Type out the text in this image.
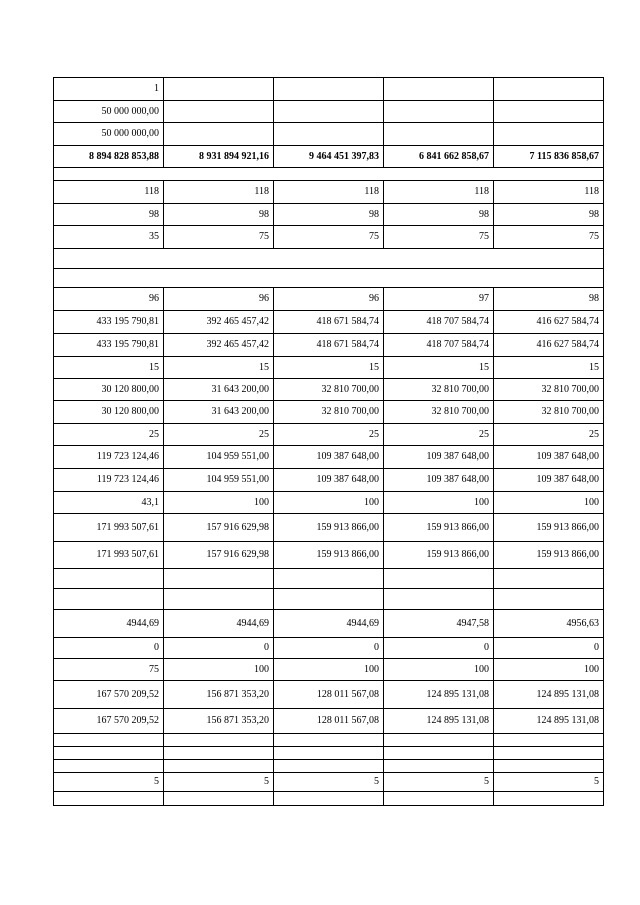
1				
50 000 000,00				
50 000 000,00				
8 894 828 853,88	8 931 894 921,16	9 464 451 397,83	6 841 662 858,67	7 115 836 858,67

118	118	118	118	118
98	98	98	98	98
35	75	75	75	75

96	96	96	97	98
433 195 790,81	392 465 457,42	418 671 584,74	418 707 584,74	416 627 584,74
433 195 790,81	392 465 457,42	418 671 584,74	418 707 584,74	416 627 584,74
15	15	15	15	15
30 120 800,00	31 643 200,00	32 810 700,00	32 810 700,00	32 810 700,00
30 120 800,00	31 643 200,00	32 810 700,00	32 810 700,00	32 810 700,00
25	25	25	25	25
119 723 124,46	104 959 551,00	109 387 648,00	109 387 648,00	109 387 648,00
119 723 124,46	104 959 551,00	109 387 648,00	109 387 648,00	109 387 648,00
43,1	100	100	100	100
171 993 507,61	157 916 629,98	159 913 866,00	159 913 866,00	159 913 866,00
171 993 507,61	157 916 629,98	159 913 866,00	159 913 866,00	159 913 866,00

4944,69	4944,69	4944,69	4947,58	4956,63
0	0	0	0	0
75	100	100	100	100
167 570 209,52	156 871 353,20	128 011 567,08	124 895 131,08	124 895 131,08
167 570 209,52	156 871 353,20	128 011 567,08	124 895 131,08	124 895 131,08

5	5	5	5	5
